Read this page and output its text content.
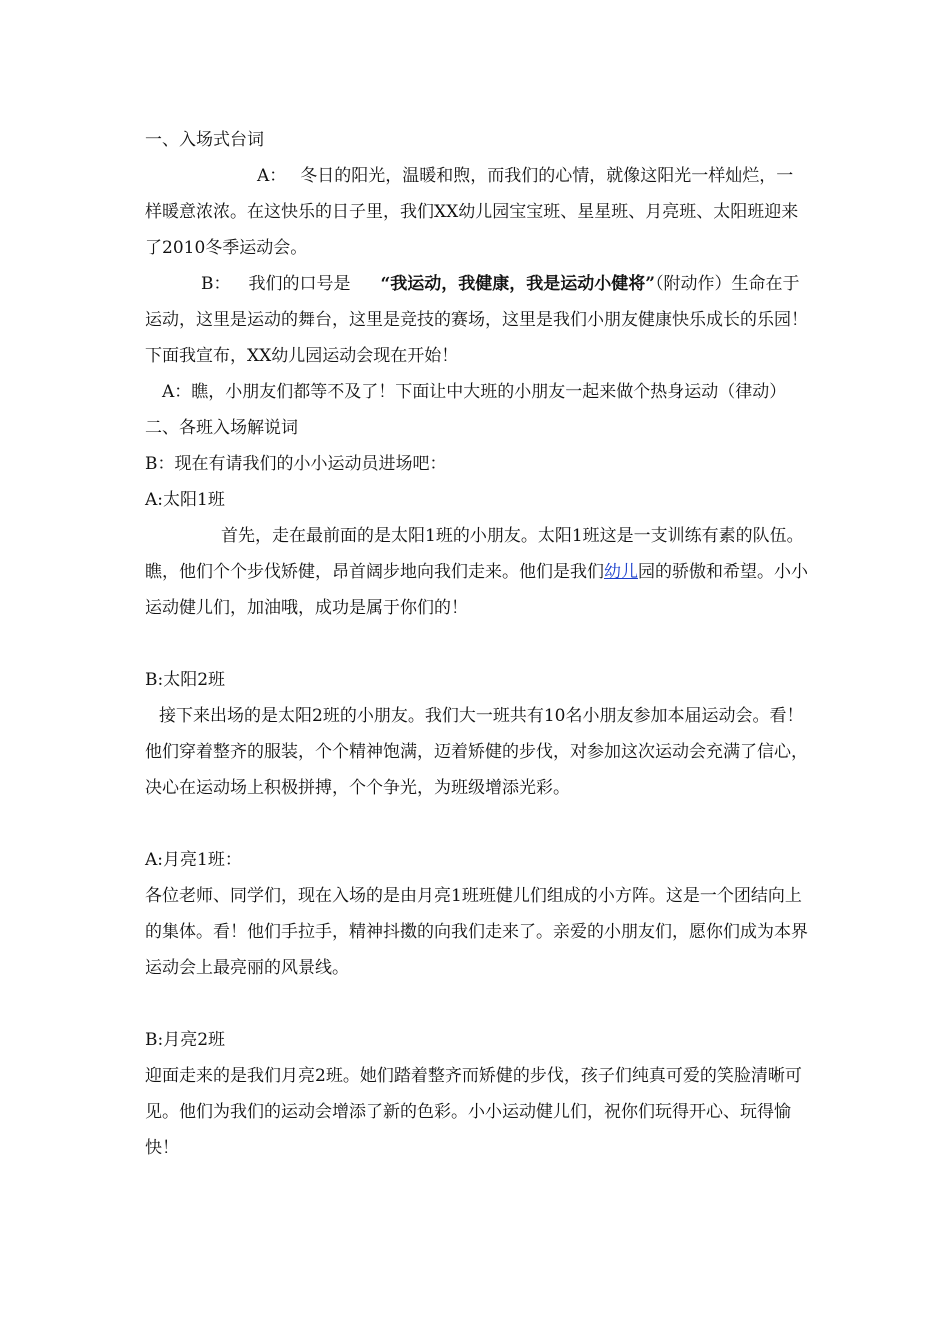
一、入场式台词

A： 冬日的阳光，温暖和煦，而我们的心情，就像这阳光一样灿烂，一样暖意浓浓。在这快乐的日子里，我们XX幼儿园宝宝班、星星班、月亮班、太阳班迎来了2010冬季运动会。

B： 我们的口号是 “我运动，我健康，我是运动小健将”（附动作）生命在于运动，这里是运动的舞台，这里是竞技的赛场，这里是我们小朋友健康快乐成长的乐园！下面我宣布，XX幼儿园运动会现在开始！

A：瞧，小朋友们都等不及了！下面让中大班的小朋友一起来做个热身运动（律动）

二、各班入场解说词

B：现在有请我们的小小运动员进场吧：

A:太阳1班

首先，走在最前面的是太阳1班的小朋友。太阳1班这是一支训练有素的队伍。瞧，他们个个步伐矫健，昂首阔步地向我们走来。他们是我们幼儿园的骄傲和希望。小小运动健儿们，加油哦，成功是属于你们的！

B:太阳2班

接下来出场的是太阳2班的小朋友。我们大一班共有10名小朋友参加本届运动会。看！他们穿着整齐的服装，个个精神饱满，迈着矫健的步伐，对参加这次运动会充满了信心，决心在运动场上积极拼搏，个个争光，为班级增添光彩。

A:月亮1班：

各位老师、同学们，现在入场的是由月亮1班班健儿们组成的小方阵。这是一个团结向上的集体。看！他们手拉手，精神抖擞的向我们走来了。亲爱的小朋友们，愿你们成为本界运动会上最亮丽的风景线。

B:月亮2班

迎面走来的是我们月亮2班。她们踏着整齐而矫健的步伐，孩子们纯真可爱的笑脸清晰可见。他们为我们的运动会增添了新的色彩。小小运动健儿们，祝你们玩得开心、玩得愉快！
